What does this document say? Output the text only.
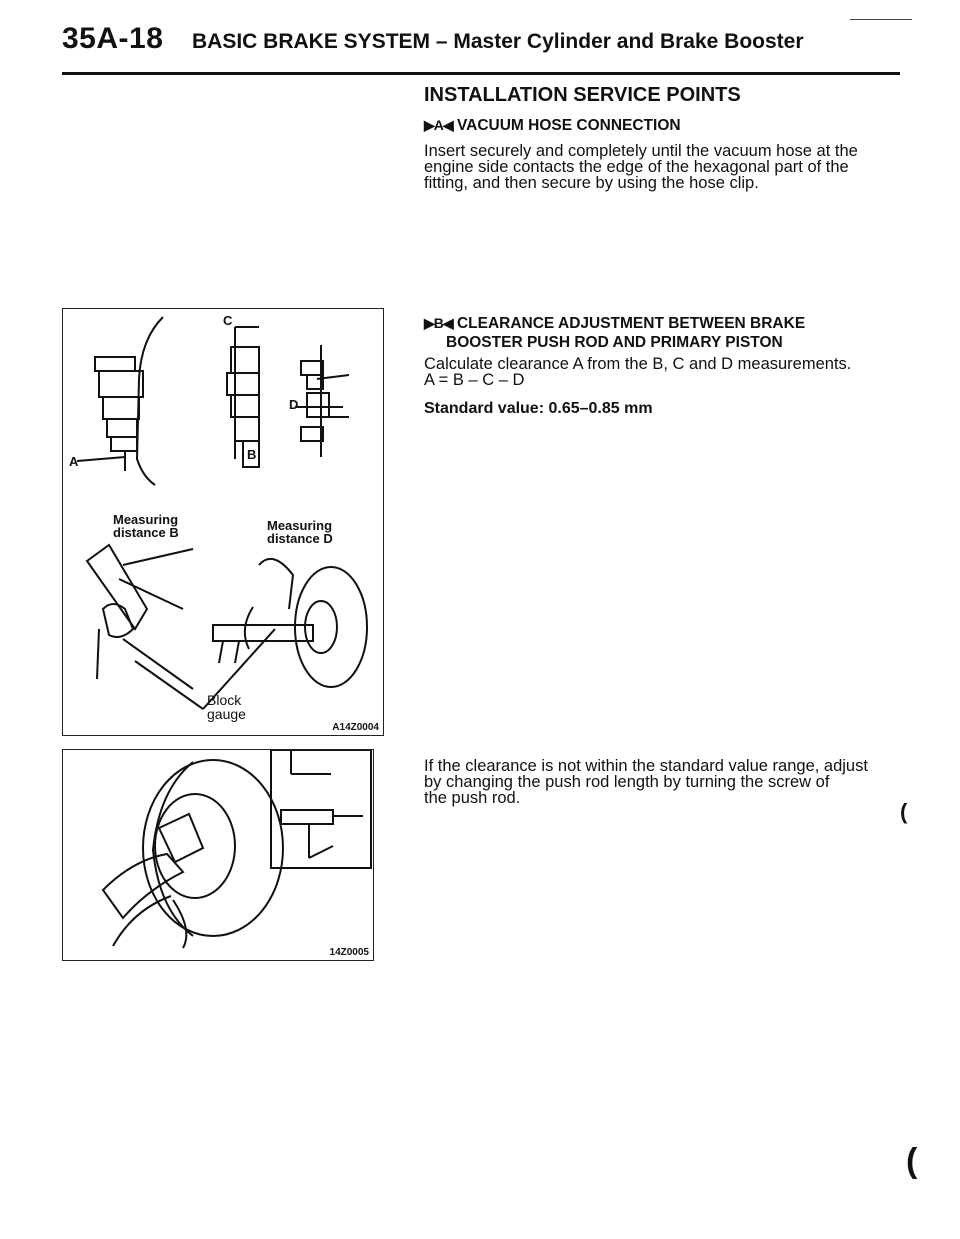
35A-18 BASIC BRAKE SYSTEM – Master Cylinder and Brake Booster
INSTALLATION SERVICE POINTS
▶A◀ VACUUM HOSE CONNECTION
Insert securely and completely until the vacuum hose at the
engine side contacts the edge of the hexagonal part of the
fitting, and then secure by using the hose clip.
▶B◀ CLEARANCE ADJUSTMENT BETWEEN BRAKE
BOOSTER PUSH ROD AND PRIMARY PISTON
Calculate clearance A from the B, C and D measurements.
A = B – C – D
Standard value: 0.65–0.85 mm
If the clearance is not within the standard value range, adjust
by changing the push rod length by turning the screw of
the push rod.
C
B
D
A
Measuring
distance B	Measuring
distance D
Block
gauge
A14Z0004
14Z0005
(
(
